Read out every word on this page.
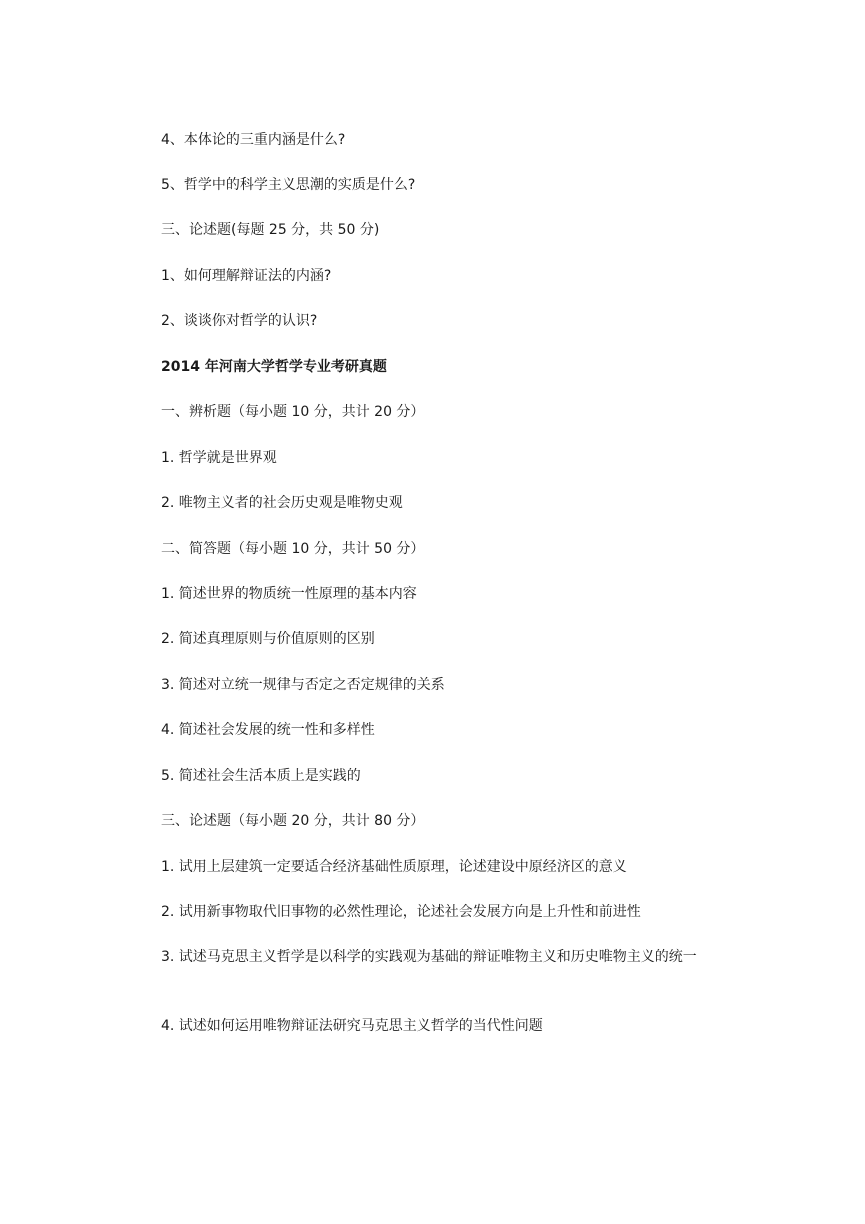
4、本体论的三重内涵是什么?
5、哲学中的科学主义思潮的实质是什么?
三、论述题(每题 25 分，共 50 分)
1、如何理解辩证法的内涵?
2、谈谈你对哲学的认识?
2014 年河南大学哲学专业考研真题
一、辨析题（每小题 10 分，共计 20 分）
1. 哲学就是世界观
2. 唯物主义者的社会历史观是唯物史观
二、简答题（每小题 10 分，共计 50 分）
1. 简述世界的物质统一性原理的基本内容
2. 简述真理原则与价值原则的区别
3. 简述对立统一规律与否定之否定规律的关系
4. 简述社会发展的统一性和多样性
5. 简述社会生活本质上是实践的
三、论述题（每小题 20 分，共计 80 分）
1. 试用上层建筑一定要适合经济基础性质原理，论述建设中原经济区的意义
2. 试用新事物取代旧事物的必然性理论，论述社会发展方向是上升性和前进性
3. 试述马克思主义哲学是以科学的实践观为基础的辩证唯物主义和历史唯物主义的统一
4. 试述如何运用唯物辩证法研究马克思主义哲学的当代性问题
